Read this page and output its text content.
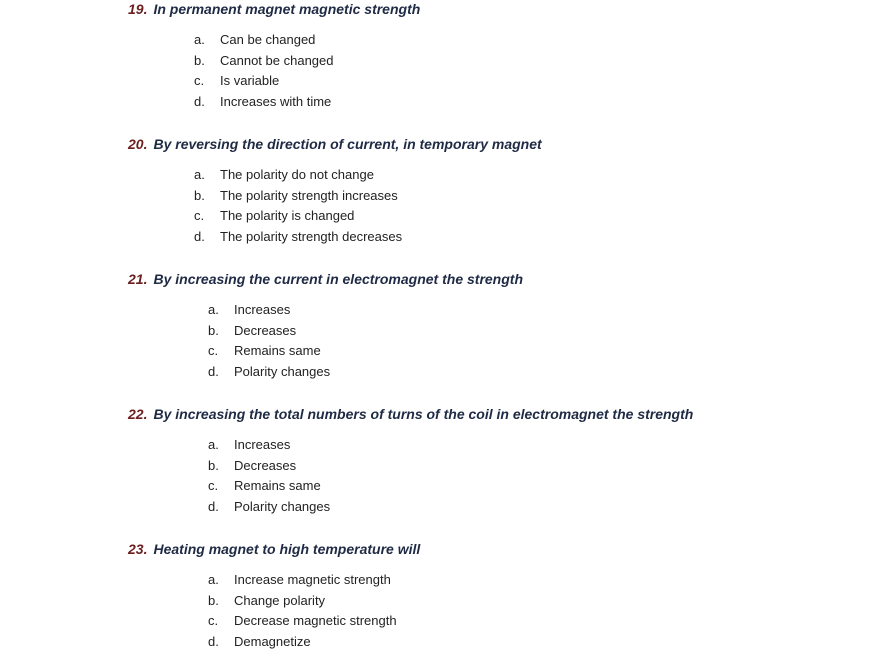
19. In permanent magnet magnetic strength
a. Can be changed
b. Cannot be changed
c. Is variable
d. Increases with time
20. By reversing the direction of current, in temporary magnet
a. The polarity do not change
b. The polarity strength increases
c. The polarity is changed
d. The polarity strength decreases
21. By increasing the current in electromagnet the strength
a. Increases
b. Decreases
c. Remains same
d. Polarity changes
22. By increasing the total numbers of turns of the coil in electromagnet the strength
a. Increases
b. Decreases
c. Remains same
d. Polarity changes
23. Heating magnet to high temperature will
a. Increase magnetic strength
b. Change polarity
c. Decrease magnetic strength
d. Demagnetize
